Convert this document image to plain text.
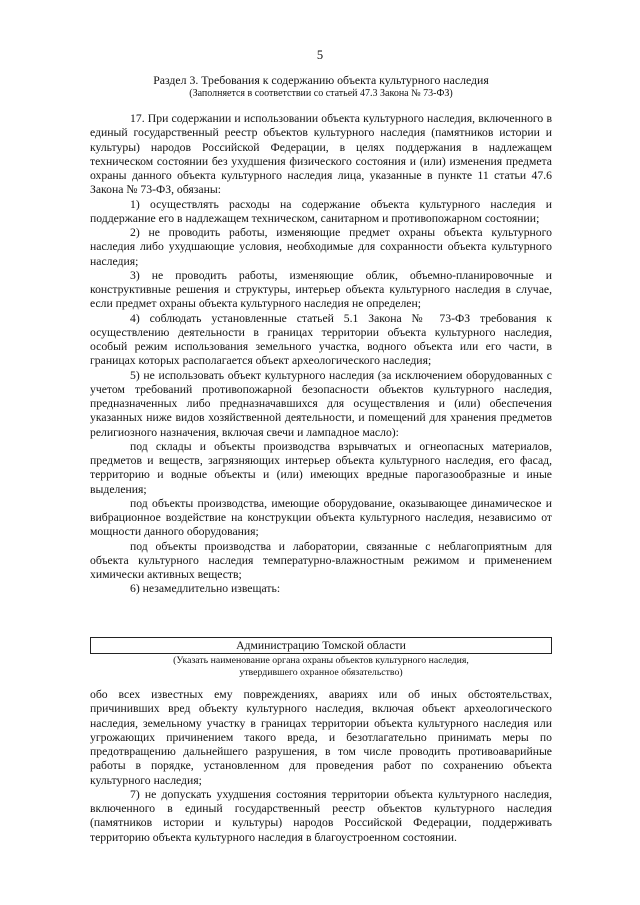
5
Раздел 3. Требования к содержанию объекта культурного наследия
(Заполняется в соответствии со статьей 47.3 Закона № 73-ФЗ)

17. При содержании и использовании объекта культурного наследия, включенного в единый государственный реестр объектов культурного наследия (памятников истории и культуры) народов Российской Федерации, в целях поддержания в надлежащем техническом состоянии без ухудшения физического состояния и (или) изменения предмета охраны данного объекта культурного наследия лица, указанные в пункте 11 статьи 47.6 Закона № 73-ФЗ, обязаны:

1) осуществлять расходы на содержание объекта культурного наследия и поддержание его в надлежащем техническом, санитарном и противопожарном состоянии;

2) не проводить работы, изменяющие предмет охраны объекта культурного наследия либо ухудшающие условия, необходимые для сохранности объекта культурного наследия;

3) не проводить работы, изменяющие облик, объемно-планировочные и конструктивные решения и структуры, интерьер объекта культурного наследия в случае, если предмет охраны объекта культурного наследия не определен;

4) соблюдать установленные статьей 5.1 Закона № 73-ФЗ требования к осуществлению деятельности в границах территории объекта культурного наследия, особый режим использования земельного участка, водного объекта или его части, в границах которых располагается объект археологического наследия;

5) не использовать объект культурного наследия (за исключением оборудованных с учетом требований противопожарной безопасности объектов культурного наследия, предназначенных либо предназначавшихся для осуществления и (или) обеспечения указанных ниже видов хозяйственной деятельности, и помещений для хранения предметов религиозного назначения, включая свечи и лампадное масло):

под склады и объекты производства взрывчатых и огнеопасных материалов, предметов и веществ, загрязняющих интерьер объекта культурного наследия, его фасад, территорию и водные объекты и (или) имеющих вредные парогазообразные и иные выделения;

под объекты производства, имеющие оборудование, оказывающее динамическое и вибрационное воздействие на конструкции объекта культурного наследия, независимо от мощности данного оборудования;

под объекты производства и лаборатории, связанные с неблагоприятным для объекта культурного наследия температурно-влажностным режимом и применением химически активных веществ;

6) незамедлительно извещать:

Администрацию Томской области
(Указать наименование органа охраны объектов культурного наследия,
утвердившего охранное обязательство)

обо всех известных ему повреждениях, авариях или об иных обстоятельствах, причинивших вред объекту культурного наследия, включая объект археологического наследия, земельному участку в границах территории объекта культурного наследия или угрожающих причинением такого вреда, и безотлагательно принимать меры по предотвращению дальнейшего разрушения, в том числе проводить противоаварийные работы в порядке, установленном для проведения работ по сохранению объекта культурного наследия;

7) не допускать ухудшения состояния территории объекта культурного наследия, включенного в единый государственный реестр объектов культурного наследия (памятников истории и культуры) народов Российской Федерации, поддерживать территорию объекта культурного наследия в благоустроенном состоянии.
